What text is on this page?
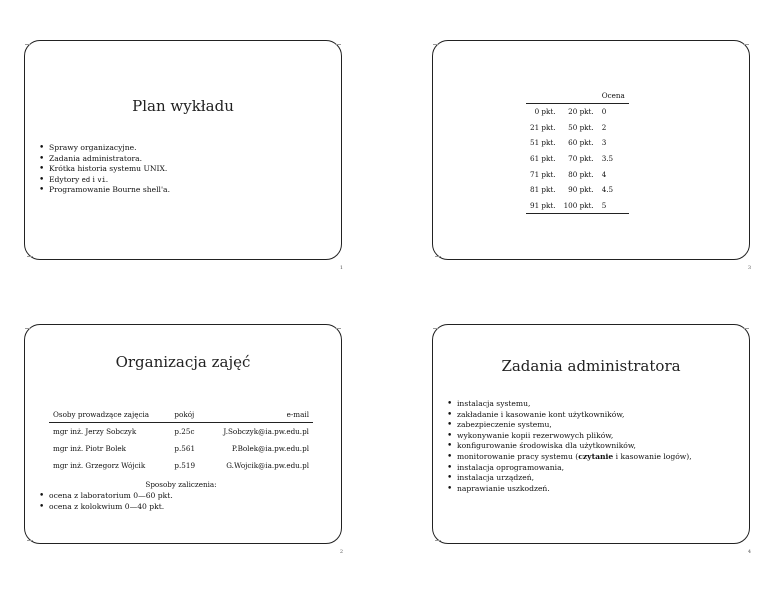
Plan wykładu
• Sprawy organizacyjne.
• Zadania administratora.
• Krótka historia systemu UNIX.
• Edytory ed i vi.
• Programowanie Bourne shell'a.
1
		Ocena
0 pkt.	20 pkt.	0
21 pkt.	50 pkt.	2
51 pkt.	60 pkt.	3
61 pkt.	70 pkt.	3.5
71 pkt.	80 pkt.	4
81 pkt.	90 pkt.	4.5
91 pkt.	100 pkt.	5
3
Organizacja zajęć
Osoby prowadzące zajęcia	pokój	e-mail
mgr inż. Jerzy Sobczyk	p.25c	J.Sobczyk@ia.pw.edu.pl
mgr inż. Piotr Bolek	p.561	P.Bolek@ia.pw.edu.pl
mgr inż. Grzegorz Wójcik	p.519	G.Wojcik@ia.pw.edu.pl
Sposoby zaliczenia:		
• ocena z laboratorium 0—60 pkt.
• ocena z kolokwium 0—40 pkt.
2
Zadania administratora
• instalacja systemu,
• zakładanie i kasowanie kont użytkowników,
• zabezpieczenie systemu,
• wykonywanie kopii rezerwowych plików,
• konfigurowanie środowiska dla użytkowników,
• monitorowanie pracy systemu (czytanie i kasowanie logów),
• instalacja oprogramowania,
• instalacja urządzeń,
• naprawianie uszkodzeń.
4
